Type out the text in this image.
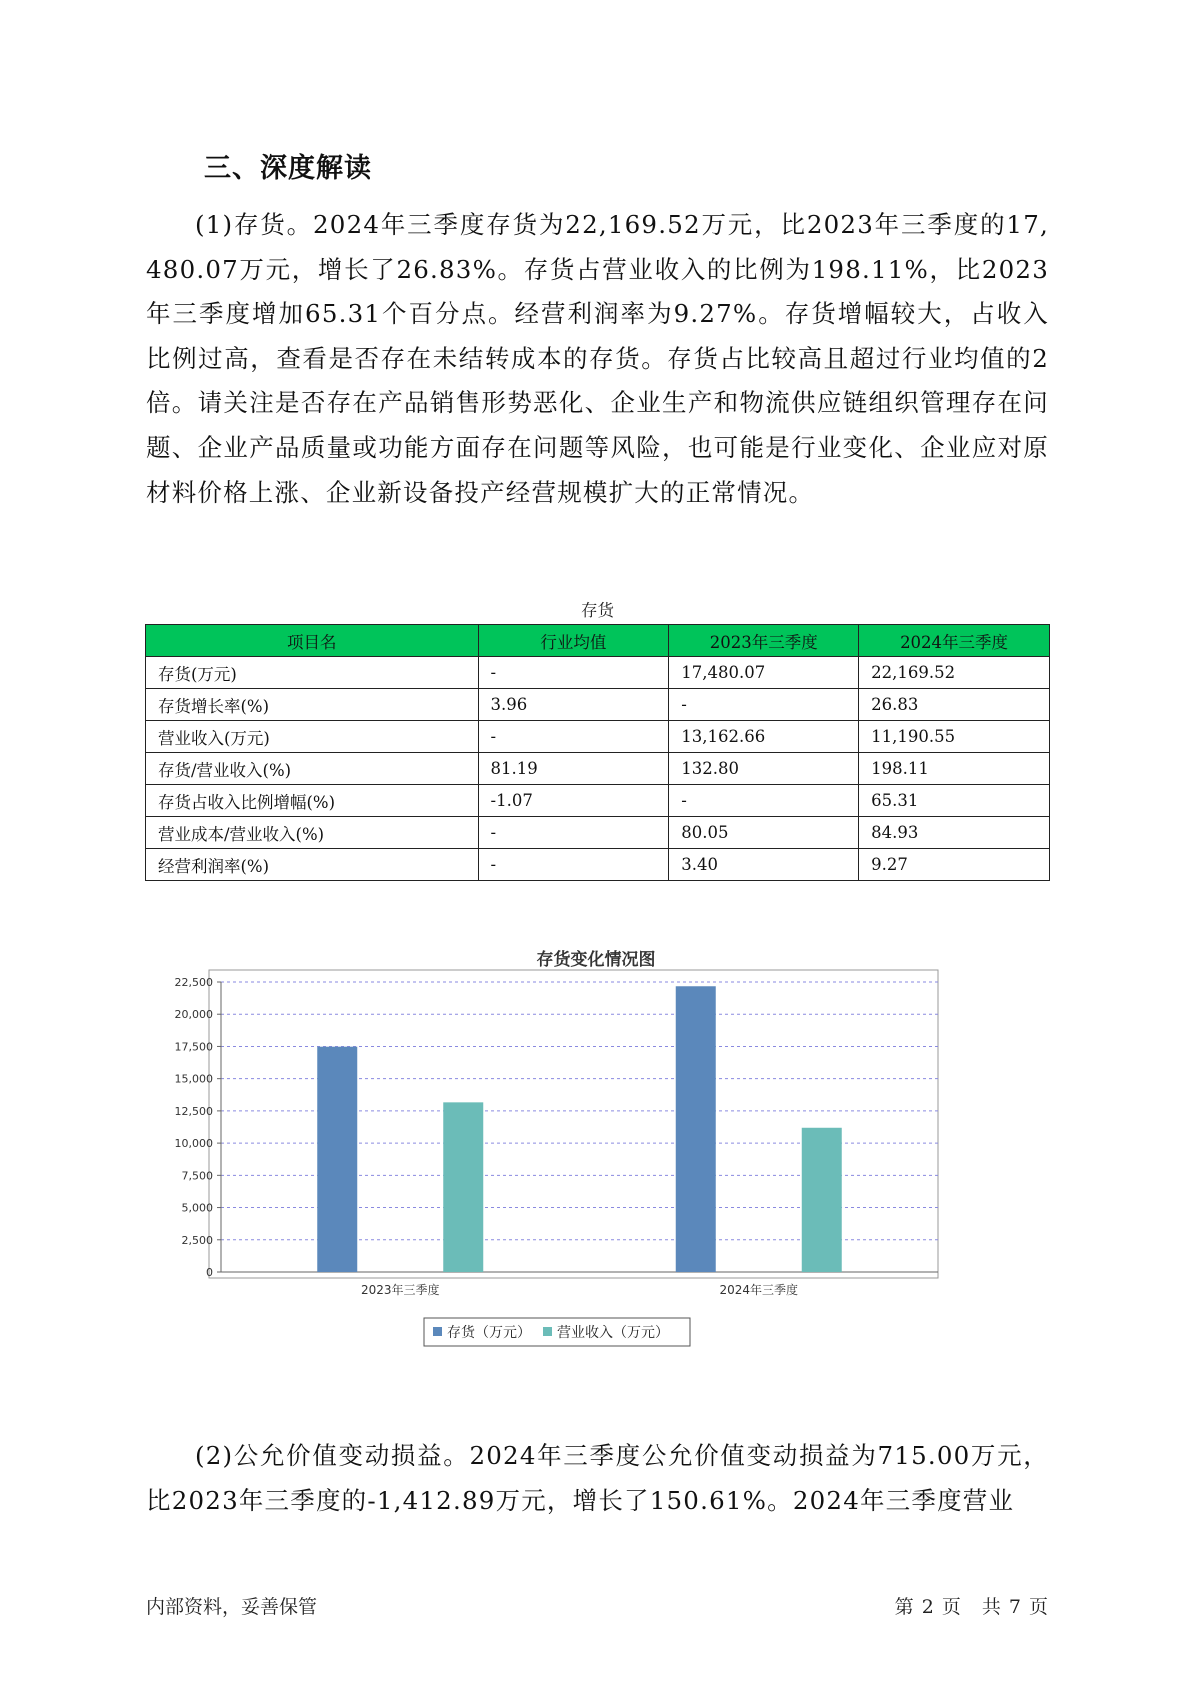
三、深度解读

(1)存货。2024年三季度存货为22,169.52万元，比2023年三季度的17,480.07万元，增长了26.83%。存货占营业收入的比例为198.11%，比2023年三季度增加65.31个百分点。经营利润率为9.27%。存货增幅较大，占收入比例过高，查看是否存在未结转成本的存货。存货占比较高且超过行业均值的2倍。请关注是否存在产品销售形势恶化、企业生产和物流供应链组织管理存在问题、企业产品质量或功能方面存在问题等风险，也可能是行业变化、企业应对原材料价格上涨、企业新设备投产经营规模扩大的正常情况。

存货
项目名	行业均值	2023年三季度	2024年三季度
存货(万元)	-	17,480.07	22,169.52
存货增长率(%)	3.96	-	26.83
营业收入(万元)	-	13,162.66	11,190.55
存货/营业收入(%)	81.19	132.80	198.11
存货占收入比例增幅(%)	-1.07	-	65.31
营业成本/营业收入(%)	-	80.05	84.93
经营利润率(%)	-	3.40	9.27
存货变化情况图
0
2,500
5,000
7,500
10,000
12,500
15,000
17,500
20,000
22,500
2023年三季度	2024年三季度
存货（万元） 营业收入（万元）

(2)公允价值变动损益。2024年三季度公允价值变动损益为715.00万元，比2023年三季度的-1,412.89万元，增长了150.61%。2024年三季度营业

内部资料，妥善保管	第 2 页　共 7 页
